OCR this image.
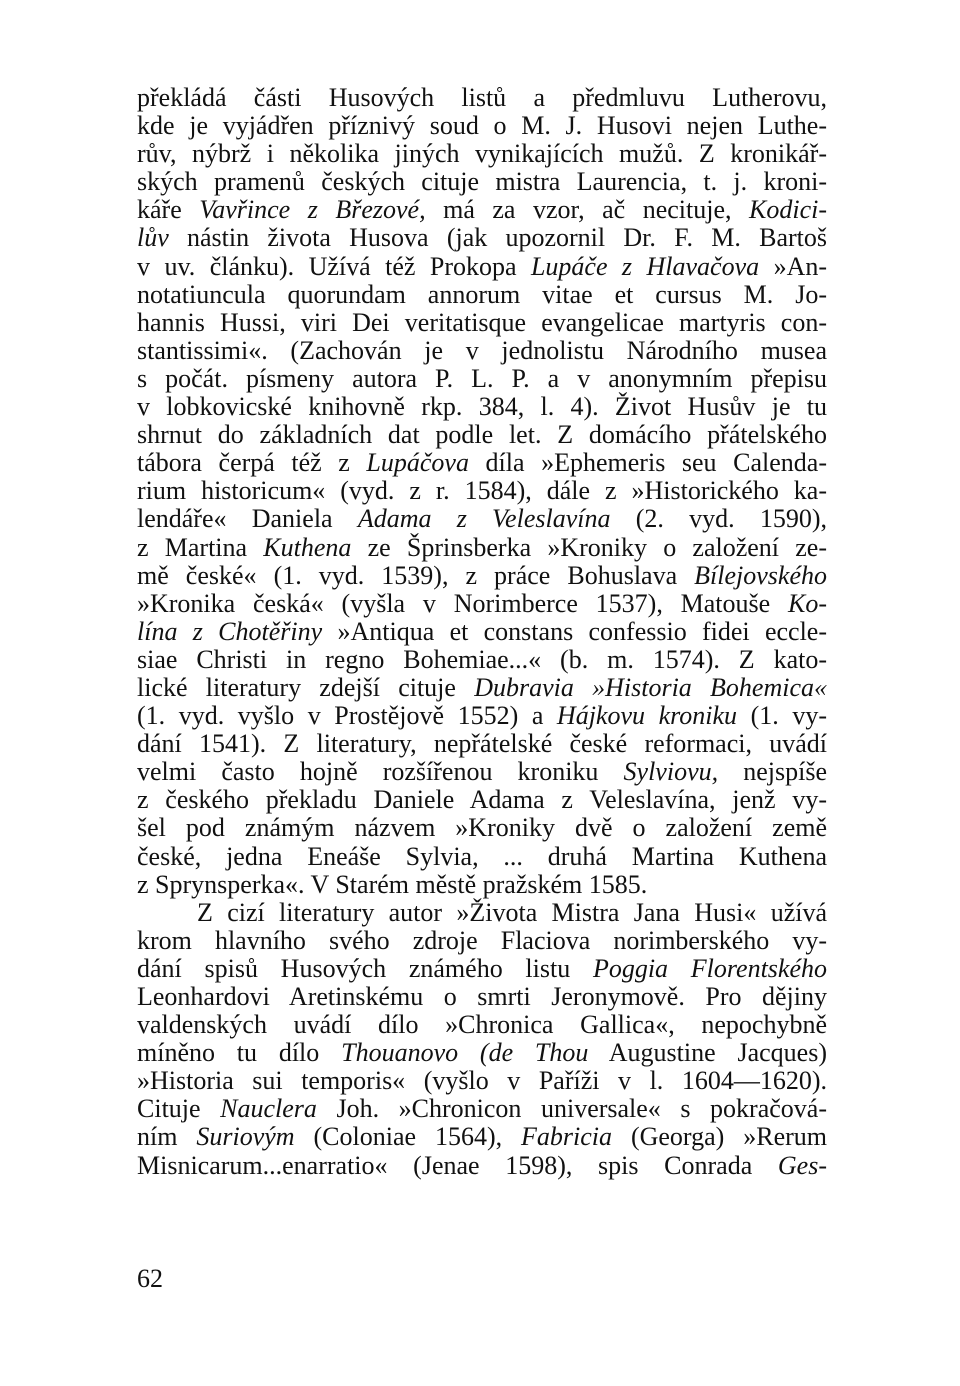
překládá části Husových listů a předmluvu Lutherovu,
kde je vyjádřen příznivý soud o M. J. Husovi nejen Luthe-
rův, nýbrž i několika jiných vynikajících mužů. Z kronikář-
ských pramenů českých cituje mistra Laurencia, t. j. kroni-
káře Vavřince z Březové, má za vzor, ač necituje, Kodici-
lův nástin života Husova (jak upozornil Dr. F. M. Bartoš
v uv. článku). Užívá též Prokopa Lupáče z Hlavačova »An-
notatiuncula quorundam annorum vitae et cursus M. Jo-
hannis Hussi, viri Dei veritatisque evangelicae martyris con-
stantissimi«. (Zachován je v jednolistu Národního musea
s počát. písmeny autora P. L. P. a v anonymním přepisu
v lobkovicské knihovně rkp. 384, l. 4). Život Husův je tu
shrnut do základních dat podle let. Z domácího přátelského
tábora čerpá též z Lupáčova díla »Ephemeris seu Calenda-
rium historicum« (vyd. z r. 1584), dále z »Historického ka-
lendáře« Daniela Adama z Veleslavína (2. vyd. 1590),
z Martina Kuthena ze Šprinsberka »Kroniky o založení ze-
mě české« (1. vyd. 1539), z práce Bohuslava Bílejovského
»Kronika česká« (vyšla v Norimberce 1537), Matouše Ko-
lína z Chotěřiny »Antiqua et constans confessio fidei eccle-
siae Christi in regno Bohemiae...« (b. m. 1574). Z kato-
lické literatury zdejší cituje Dubravia »Historia Bohemica«
(1. vyd. vyšlo v Prostějově 1552) a Hájkovu kroniku (1. vy-
dání 1541). Z literatury, nepřátelské české reformaci, uvádí
velmi často hojně rozšířenou kroniku Sylviovu, nejspíše
z českého překladu Daniele Adama z Veleslavína, jenž vy-
šel pod známým názvem »Kroniky dvě o založení země
české, jedna Eneáše Sylvia, ... druhá Martina Kuthena
z Sprynsperka«. V Starém městě pražském 1585.
Z cizí literatury autor »Života Mistra Jana Husi« užívá
krom hlavního svého zdroje Flaciova norimberského vy-
dání spisů Husových známého listu Poggia Florentského
Leonhardovi Aretinskému o smrti Jeronymově. Pro dějiny
valdenských uvádí dílo »Chronica Gallica«, nepochybně
míněno tu dílo Thouanovo (de Thou Augustine Jacques)
»Historia sui temporis« (vyšlo v Paříži v l. 1604—1620).
Cituje Nauclera Joh. »Chronicon universale« s pokračová-
ním Suriovým (Coloniae 1564), Fabricia (Georga) »Rerum
Misnicarum...enarratio« (Jenae 1598), spis Conrada Ges-
62
